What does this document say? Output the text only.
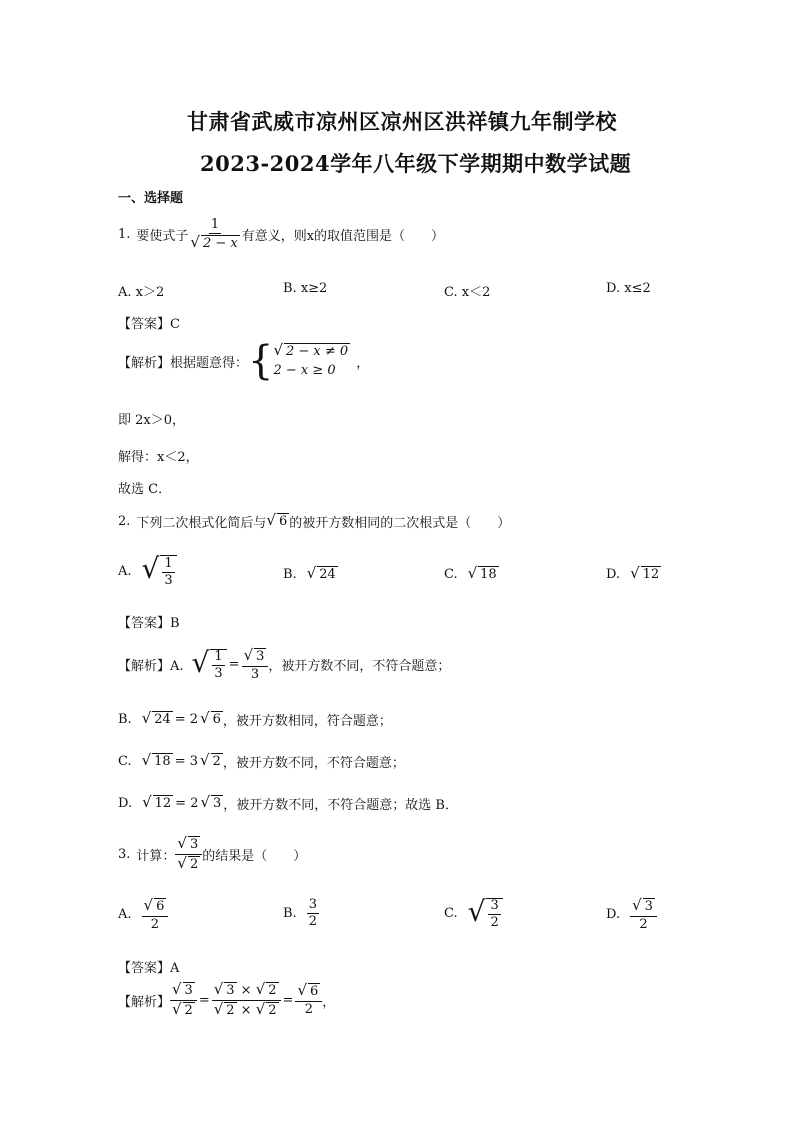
甘肃省武威市凉州区凉州区洪祥镇九年制学校
2023-2024学年八年级下学期期中数学试题
一、选择题
1. 要使式子 $\frac{1}{√ 2 - x}$ 有意义，则x的取值范围是（　　）
A. x＞2	B. x≥2	C. x＜2	D. x≤2
【答案】C
【解析】根据题意得： { √ 2 − x ≠ 0
2 − x ≥ 0	，
即 2x＞0，
解得：x＜2，
故选 C．
2. 下列二次根式化简后与 √ 6 的被开方数相同的二次根式是（　　）
A. √ $\frac{1}{3}$	B. √ 24	C. √ 18	D. √ 12
【答案】B
【解析】A. √ $\frac{1}{3} = \frac{√ 3}{3}$ ，被开方数不同，不符合题意；
B. √ 24 = 2 √ 6 ，被开方数相同，符合题意；
C. √ 18 = 3 √ 2 ，被开方数不同，不符合题意；
D. √ 12 = 2 √ 3 ，被开方数不同，不符合题意；故选 B．
3. 计算： $\frac{√ 3}{√ 2}$ 的结果是（　　）
A. $\frac{√ 6}{2}$	B. $\frac{3}{2}$	C. √ $\frac{3}{2}$	D. $\frac{√ 3}{2}$
【答案】A
【解析】 $\frac{√ 3}{√ 2} = \frac{√ 3 \times √ 2}{√ 2 \times √ 2} = \frac{√ 6}{2}$ ，
